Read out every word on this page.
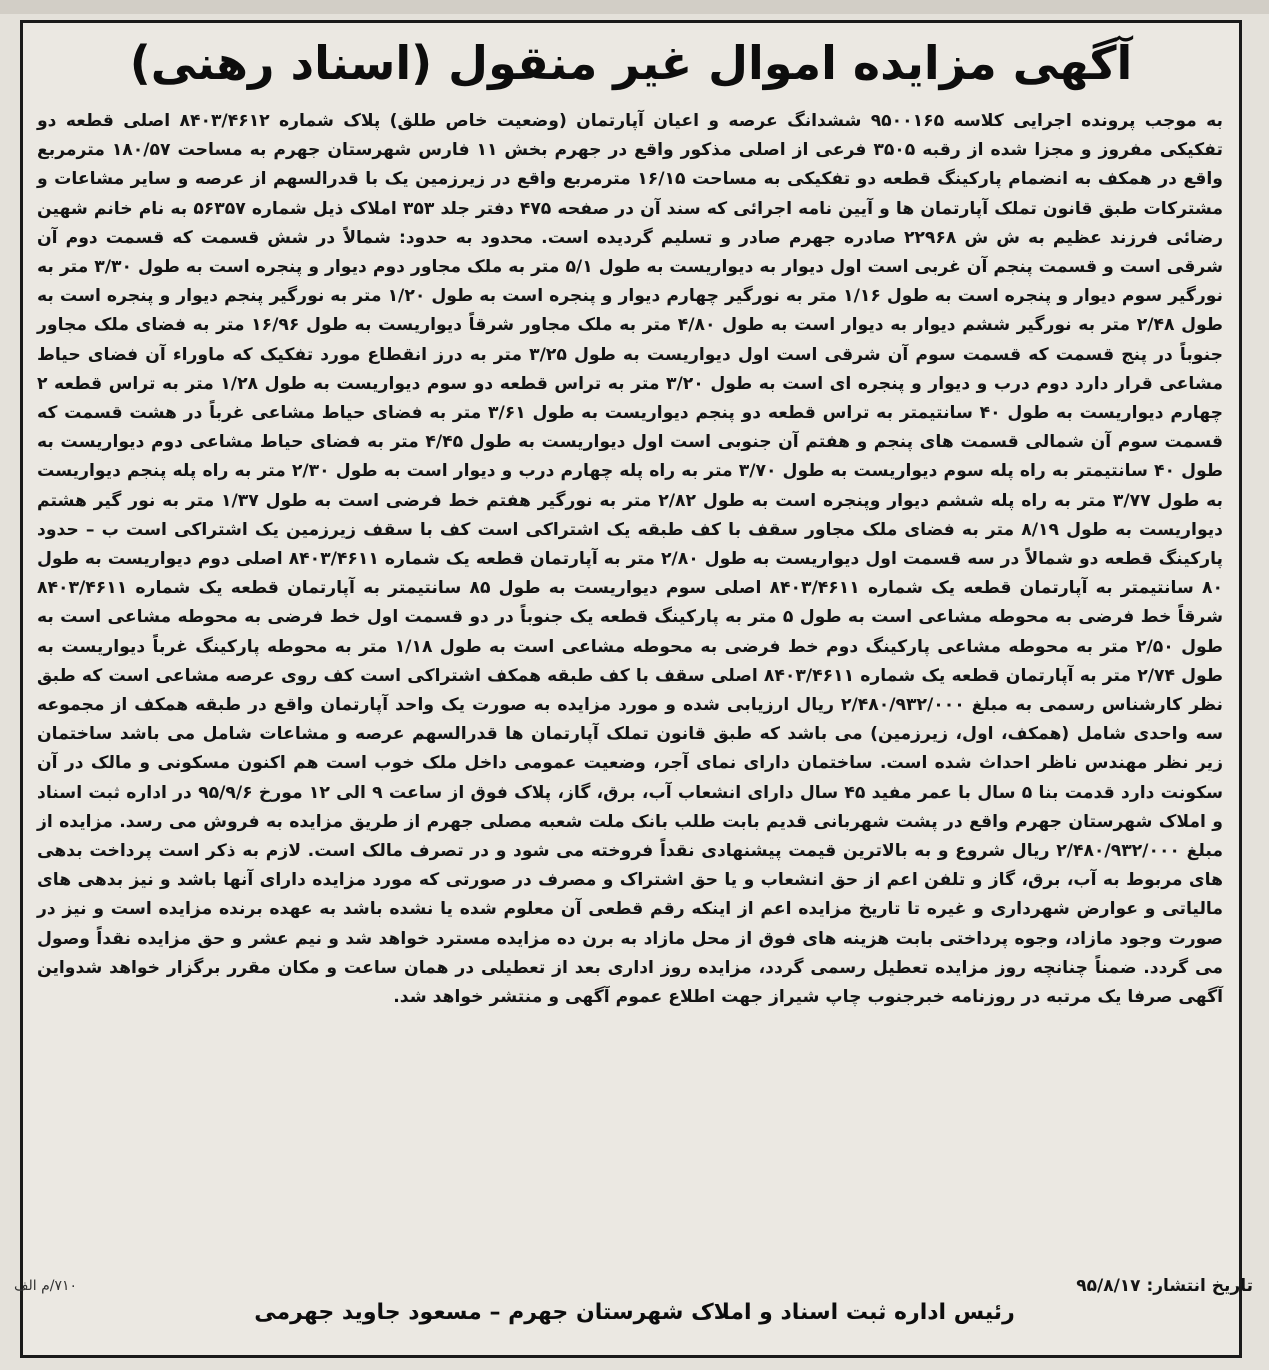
آگهی مزایده اموال غیر منقول (اسناد رهنی)
به موجب پرونده اجرایی کلاسه ۹۵۰۰۱۶۵ ششدانگ عرصه و اعیان آپارتمان (وضعیت خاص طلق) پلاک شماره ۸۴۰۳/۴۶۱۲ اصلی قطعه دو تفکیکی مفروز و مجزا شده از رقبه ۳۵۰۵ فرعی از اصلی مذکور واقع در جهرم بخش ۱۱ فارس شهرستان جهرم به مساحت ۱۸۰/۵۷ مترمربع واقع در همکف به انضمام پارکینگ قطعه دو تفکیکی به مساحت ۱۶/۱۵ مترمربع واقع در زیرزمین یک با قدرالسهم از عرصه و سایر مشاعات و مشترکات طبق قانون تملک آپارتمان ها و آیین نامه اجرائی که سند آن در صفحه ۴۷۵ دفتر جلد ۳۵۳ املاک ذیل شماره ۵۶۳۵۷ به نام خانم شهین رضائی فرزند عظیم به ش ش ۲۲۹۶۸ صادره جهرم صادر و تسلیم گردیده است. محدود به حدود: شمالاً در شش قسمت که قسمت دوم آن شرقی است و قسمت پنجم آن غربی است اول دیوار به دیواریست به طول ۵/۱ متر به ملک مجاور دوم دیوار و پنجره است به طول ۳/۳۰ متر به نورگیر سوم دیوار و پنجره است به طول ۱/۱۶ متر به نورگیر چهارم دیوار و پنجره است به طول ۱/۲۰ متر به نورگیر پنجم دیوار و پنجره است به طول ۲/۴۸ متر به نورگیر ششم دیوار به دیوار است به طول ۴/۸۰ متر به ملک مجاور شرقاً دیواریست به طول ۱۶/۹۶ متر به فضای ملک مجاور جنوباً در پنج قسمت که قسمت سوم آن شرقی است اول دیواریست به طول ۳/۲۵ متر به درز انقطاع مورد تفکیک که ماوراء آن فضای حیاط مشاعی قرار دارد دوم درب و دیوار و پنجره ای است به طول ۳/۲۰ متر به تراس قطعه دو سوم دیواریست به طول ۱/۲۸ متر به تراس قطعه ۲ چهارم دیواریست به طول ۴۰ سانتیمتر به تراس قطعه دو پنجم دیواریست به طول ۳/۶۱ متر به فضای حیاط مشاعی غرباً در هشت قسمت که قسمت سوم آن شمالی قسمت های پنجم و هفتم آن جنوبی است اول دیواریست به طول ۴/۴۵ متر به فضای حیاط مشاعی دوم دیواریست به طول ۴۰ سانتیمتر به راه پله سوم دیواریست به طول ۳/۷۰ متر به راه پله چهارم درب و دیوار است به طول ۲/۳۰ متر به راه پله پنجم دیواریست به طول ۳/۷۷ متر به راه پله ششم دیوار وپنجره است به طول ۲/۸۲ متر به نورگیر هفتم خط فرضی است به طول ۱/۳۷ متر به نور گیر هشتم دیواریست به طول ۸/۱۹ متر به فضای ملک مجاور سقف با کف طبقه یک اشتراکی است کف با سقف زیرزمین یک اشتراکی است ب – حدود پارکینگ قطعه دو شمالاً در سه قسمت اول دیواریست به طول ۲/۸۰ متر به آپارتمان قطعه یک شماره ۸۴۰۳/۴۶۱۱ اصلی دوم دیواریست به طول ۸۰ سانتیمتر به آپارتمان قطعه یک شماره ۸۴۰۳/۴۶۱۱ اصلی سوم دیواریست به طول ۸۵ سانتیمتر به آپارتمان قطعه یک شماره ۸۴۰۳/۴۶۱۱ شرقاً خط فرضی به محوطه مشاعی است به طول ۵ متر به پارکینگ قطعه یک جنوباً در دو قسمت اول خط فرضی به محوطه مشاعی است به طول ۲/۵۰ متر به محوطه مشاعی پارکینگ دوم خط فرضی به محوطه مشاعی است به طول ۱/۱۸ متر به محوطه پارکینگ غرباً دیواریست به طول ۲/۷۴ متر به آپارتمان قطعه یک شماره ۸۴۰۳/۴۶۱۱ اصلی سقف با کف طبقه همکف اشتراکی است کف روی عرصه مشاعی است که طبق نظر کارشناس رسمی به مبلغ ۲/۴۸۰/۹۳۲/۰۰۰ ریال ارزیابی شده و مورد مزایده به صورت یک واحد آپارتمان واقع در طبقه همکف از مجموعه سه واحدی شامل (همکف، اول، زیرزمین) می باشد که طبق قانون تملک آپارتمان ها قدرالسهم عرصه و مشاعات شامل می باشد ساختمان زیر نظر مهندس ناظر احداث شده است. ساختمان دارای نمای آجر، وضعیت عمومی داخل ملک خوب است هم اکنون مسکونی و مالک در آن سکونت دارد قدمت بنا ۵ سال با عمر مفید ۴۵ سال دارای انشعاب آب، برق، گاز، پلاک فوق از ساعت ۹ الی ۱۲ مورخ ۹۵/۹/۶ در اداره ثبت اسناد و املاک شهرستان جهرم واقع در پشت شهربانی قدیم بابت طلب بانک ملت شعبه مصلی جهرم از طریق مزایده به فروش می رسد. مزایده از مبلغ ۲/۴۸۰/۹۳۲/۰۰۰ ریال شروع و به بالاترین قیمت پیشنهادی نقداً فروخته می شود و در تصرف مالک است. لازم به ذکر است پرداخت بدهی های مربوط به آب، برق، گاز و تلفن اعم از حق انشعاب و یا حق اشتراک و مصرف در صورتی که مورد مزایده دارای آنها باشد و نیز بدهی های مالیاتی و عوارض شهرداری و غیره تا تاریخ مزایده اعم از اینکه رقم قطعی آن معلوم شده یا نشده باشد به عهده برنده مزایده است و نیز در صورت وجود مازاد، وجوه پرداختی بابت هزینه های فوق از محل مازاد به برن ده مزایده مسترد خواهد شد و نیم عشر و حق مزایده نقداً وصول می گردد. ضمناً چنانچه روز مزایده تعطیل رسمی گردد، مزایده روز اداری بعد از تعطیلی در همان ساعت و مکان مقرر برگزار خواهد شدواین آگهی صرفا یک مرتبه در روزنامه خبرجنوب چاپ شیراز جهت اطلاع عموم آگهی و منتشر خواهد شد.
تاریخ انتشار: ۹۵/۸/۱۷
۷۱۰/م الف
رئیس اداره ثبت اسناد و املاک شهرستان جهرم – مسعود جاوید جهرمی
